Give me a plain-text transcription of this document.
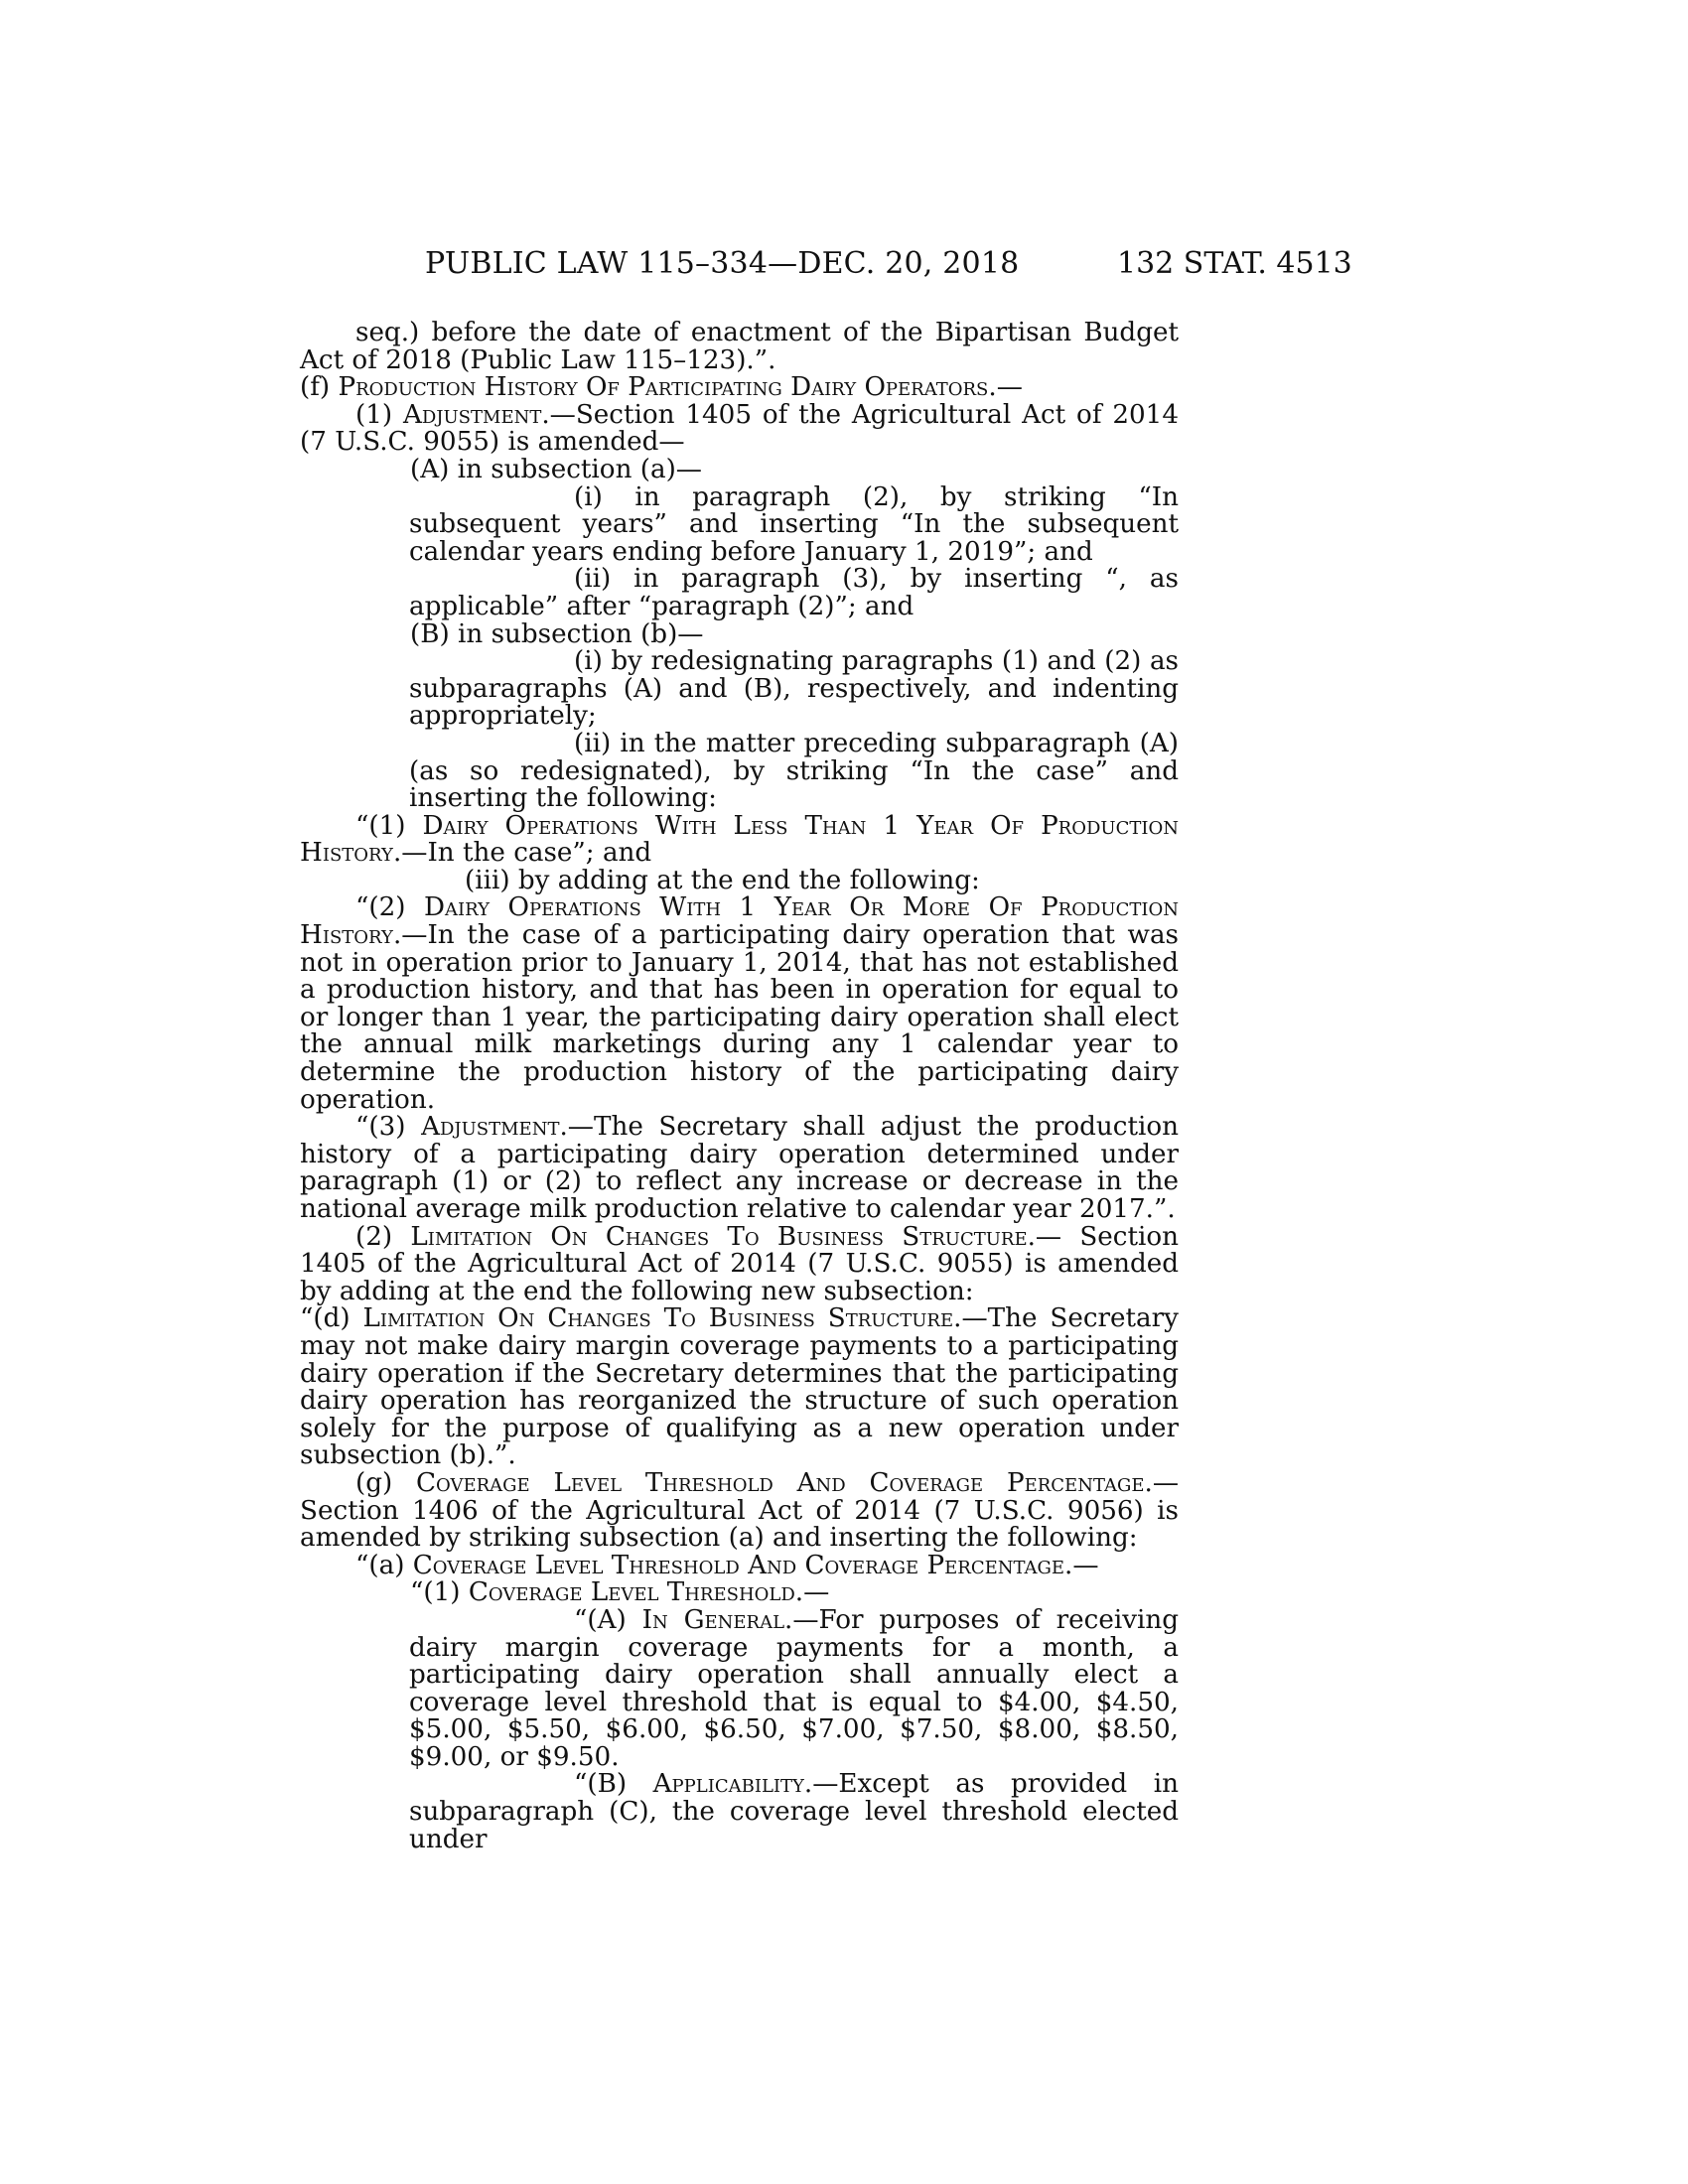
PUBLIC LAW 115–334—DEC. 20, 2018	132 STAT. 4513

seq.) before the date of enactment of the Bipartisan Budget Act of 2018 (Public Law 115–123).”.

(f) Production History Of Participating Dairy Operators.—

(1) Adjustment.—Section 1405 of the Agricultural Act of 2014 (7 U.S.C. 9055) is amended—

(A) in subsection (a)—

(i) in paragraph (2), by striking “In subsequent years” and inserting “In the subsequent calendar years ending before January 1, 2019”; and

(ii) in paragraph (3), by inserting “, as applicable” after “paragraph (2)”; and

(B) in subsection (b)—

(i) by redesignating paragraphs (1) and (2) as subparagraphs (A) and (B), respectively, and indenting appropriately;

(ii) in the matter preceding subparagraph (A) (as so redesignated), by striking “In the case” and inserting the following:

“(1) Dairy Operations With Less Than 1 Year Of Production History.—In the case”; and

(iii) by adding at the end the following:

“(2) Dairy Operations With 1 Year Or More Of Production History.—In the case of a participating dairy operation that was not in operation prior to January 1, 2014, that has not established a production history, and that has been in operation for equal to or longer than 1 year, the participating dairy operation shall elect the annual milk marketings during any 1 calendar year to determine the production history of the participating dairy operation.

“(3) Adjustment.—The Secretary shall adjust the production history of a participating dairy operation determined under paragraph (1) or (2) to reflect any increase or decrease in the national average milk production relative to calendar year 2017.”.

(2) Limitation On Changes To Business Structure.— Section 1405 of the Agricultural Act of 2014 (7 U.S.C. 9055) is amended by adding at the end the following new subsection:

“(d) Limitation On Changes To Business Structure.—The Secretary may not make dairy margin coverage payments to a participating dairy operation if the Secretary determines that the participating dairy operation has reorganized the structure of such operation solely for the purpose of qualifying as a new operation under subsection (b).”.

(g) Coverage Level Threshold And Coverage Percentage.—Section 1406 of the Agricultural Act of 2014 (7 U.S.C. 9056) is amended by striking subsection (a) and inserting the following:

“(a) Coverage Level Threshold And Coverage Percentage.—

“(1) Coverage Level Threshold.—

“(A) In General.—For purposes of receiving dairy margin coverage payments for a month, a participating dairy operation shall annually elect a coverage level threshold that is equal to $4.00, $4.50, $5.00, $5.50, $6.00, $6.50, $7.00, $7.50, $8.00, $8.50, $9.00, or $9.50.

“(B) Applicability.—Except as provided in subparagraph (C), the coverage level threshold elected under
